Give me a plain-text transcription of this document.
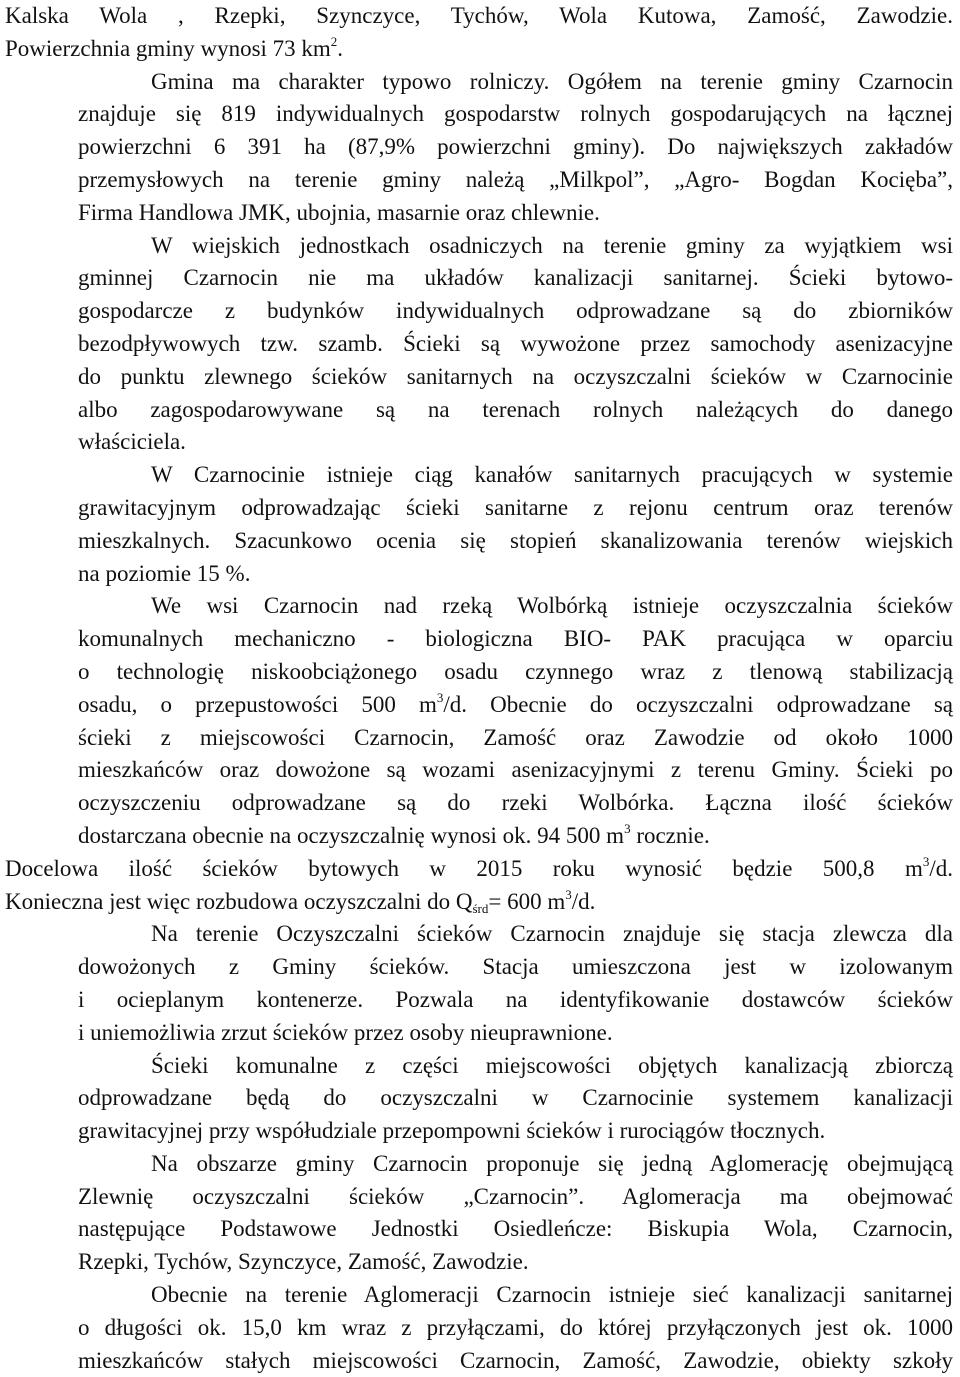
Kalska Wola , Rzepki, Szynczyce, Tychów, Wola Kutowa, Zamość, Zawodzie.
Powierzchnia gminy wynosi 73 $km^2$.
Gmina ma charakter typowo rolniczy. Ogółem na terenie gminy Czarnocin
znajduje się 819 indywidualnych gospodarstw rolnych gospodarujących na łącznej
powierzchni 6 391 ha (87,9% powierzchni gminy). Do największych zakładów
przemysłowych na terenie gminy należą „Milkpol”, „Agro- Bogdan Kocięba”,
Firma Handlowa JMK, ubojnia, masarnie oraz chlewnie.
W wiejskich jednostkach osadniczych na terenie gminy za wyjątkiem wsi
gminnej Czarnocin nie ma układów kanalizacji sanitarnej. Ścieki bytowo-
gospodarcze z budynków indywidualnych odprowadzane są do zbiorników
bezodpływowych tzw. szamb. Ścieki są wywożone przez samochody asenizacyjne
do punktu zlewnego ścieków sanitarnych na oczyszczalni ścieków w Czarnocinie
albo zagospodarowywane są na terenach rolnych należących do danego
właściciela.
W Czarnocinie istnieje ciąg kanałów sanitarnych pracujących w systemie
grawitacyjnym odprowadzając ścieki sanitarne z rejonu centrum oraz terenów
mieszkalnych. Szacunkowo ocenia się stopień skanalizowania terenów wiejskich
na poziomie 15 %.
We wsi Czarnocin nad rzeką Wolbórką istnieje oczyszczalnia ścieków
komunalnych mechaniczno - biologiczna BIO- PAK pracująca w oparciu
o technologię niskoobciążonego osadu czynnego wraz z tlenową stabilizacją
osadu, o przepustowości 500 $m^3/d$. Obecnie do oczyszczalni odprowadzane są
ścieki z miejscowości Czarnocin, Zamość oraz Zawodzie od około 1000
mieszkańców oraz dowożone są wozami asenizacyjnymi z terenu Gminy. Ścieki po
oczyszczeniu odprowadzane są do rzeki Wolbórka. Łączna ilość ścieków
dostarczana obecnie na oczyszczalnię wynosi ok. 94 500 $m^3$ rocznie.
Docelowa ilość ścieków bytowych w 2015 roku wynosić będzie 500,8 $m^3/d$.
Konieczna jest więc rozbudowa oczyszczalni do $Q_{śrd}= 600$ $m^3/d$.
Na terenie Oczyszczalni ścieków Czarnocin znajduje się stacja zlewcza dla
dowożonych z Gminy ścieków. Stacja umieszczona jest w izolowanym
i ocieplanym kontenerze. Pozwala na identyfikowanie dostawców ścieków
i uniemożliwia zrzut ścieków przez osoby nieuprawnione.
Ścieki komunalne z części miejscowości objętych kanalizacją zbiorczą
odprowadzane będą do oczyszczalni w Czarnocinie systemem kanalizacji
grawitacyjnej przy współudziale przepompowni ścieków i rurociągów tłocznych.
Na obszarze gminy Czarnocin proponuje się jedną Aglomerację obejmującą
Zlewnię oczyszczalni ścieków „Czarnocin”. Aglomeracja ma obejmować
następujące Podstawowe Jednostki Osiedleńcze: Biskupia Wola, Czarnocin,
Rzepki, Tychów, Szynczyce, Zamość, Zawodzie.
Obecnie na terenie Aglomeracji Czarnocin istnieje sieć kanalizacji sanitarnej
o długości ok. 15,0 km wraz z przyłączami, do której przyłączonych jest ok. 1000
mieszkańców stałych miejscowości Czarnocin, Zamość, Zawodzie, obiekty szkoły
